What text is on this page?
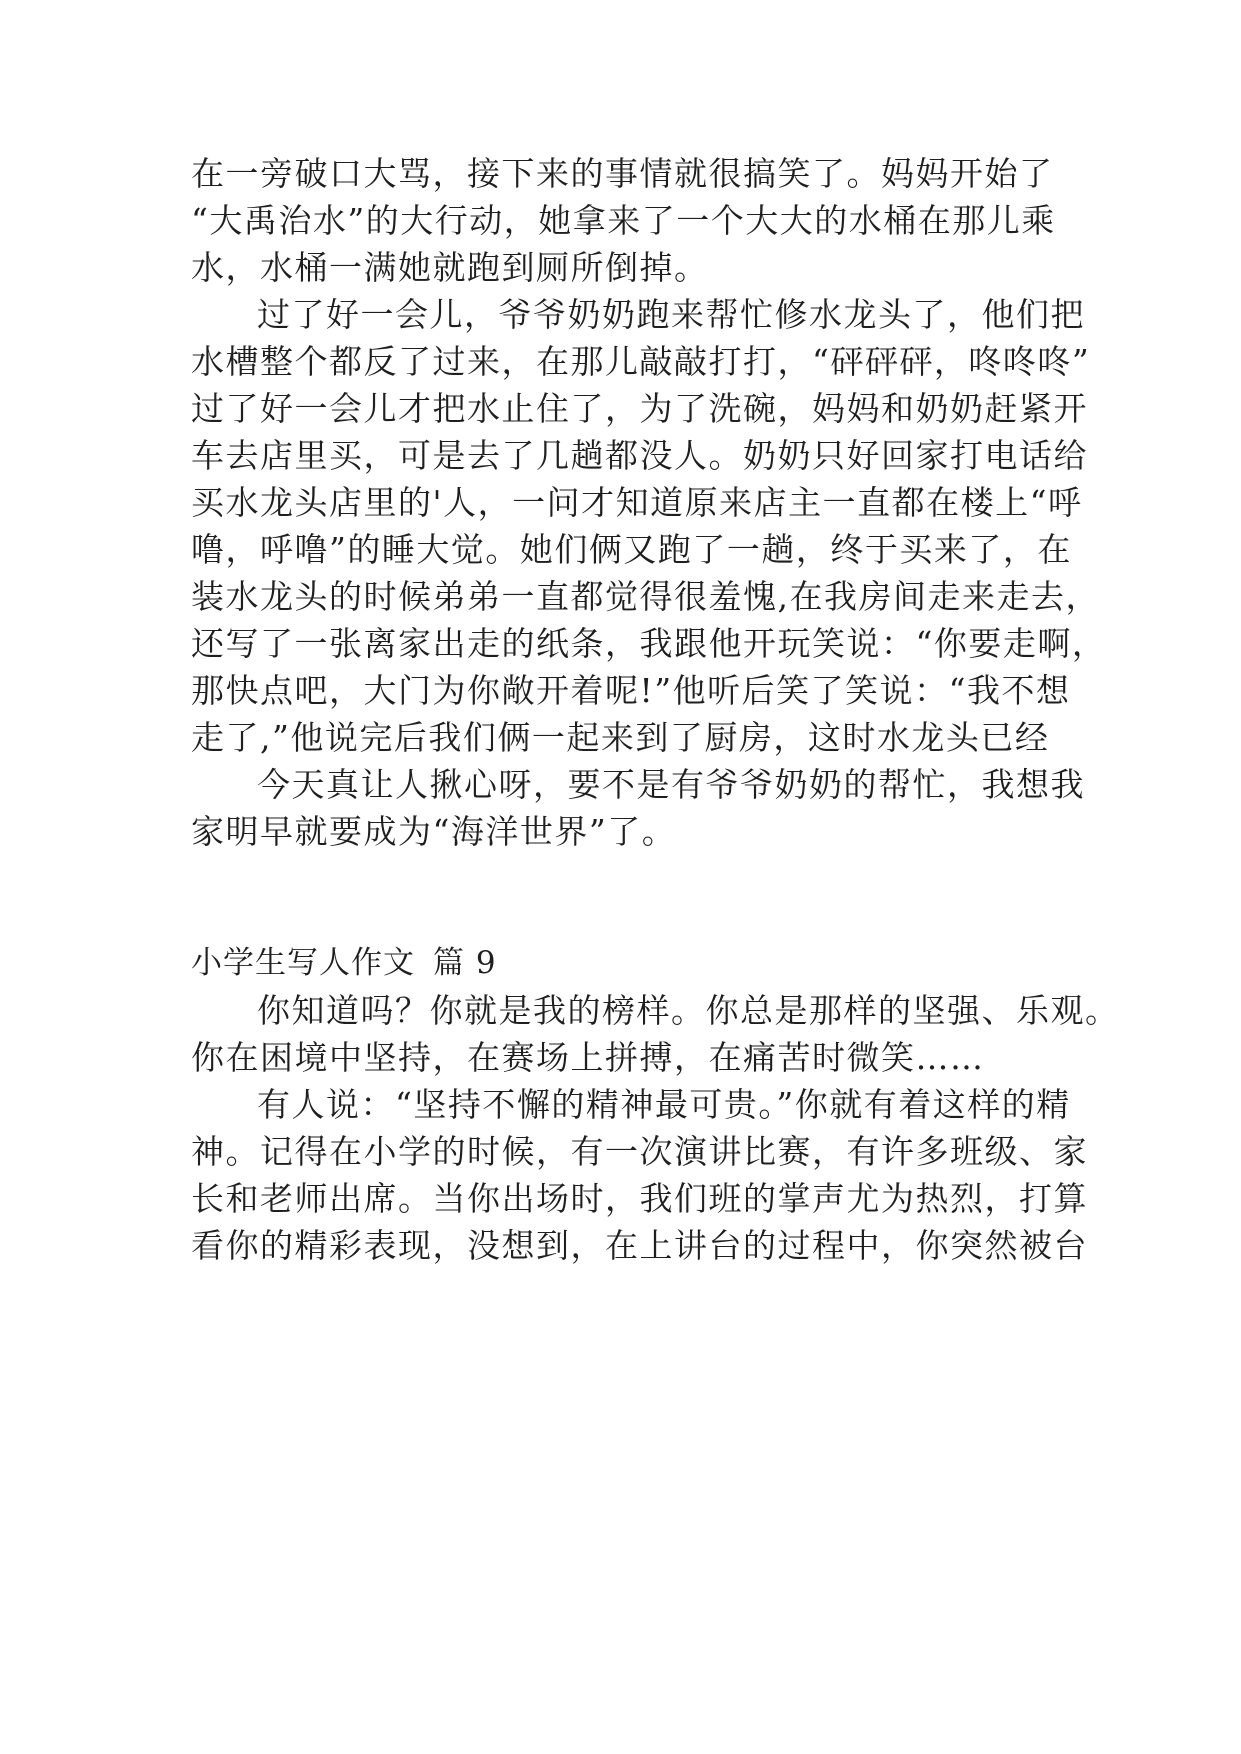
在一旁破口大骂，接下来的事情就很搞笑了。妈妈开始了
“大禹治水”的大行动，她拿来了一个大大的水桶在那儿乘
水，水桶一满她就跑到厕所倒掉。
过了好一会儿，爷爷奶奶跑来帮忙修水龙头了，他们把
水槽整个都反了过来，在那儿敲敲打打，“砰砰砰，咚咚咚”
过了好一会儿才把水止住了，为了洗碗，妈妈和奶奶赶紧开
车去店里买，可是去了几趟都没人。奶奶只好回家打电话给
买水龙头店里的'人，一问才知道原来店主一直都在楼上“呼
噜，呼噜”的睡大觉。她们俩又跑了一趟，终于买来了，在
装水龙头的时候弟弟一直都觉得很羞愧,在我房间走来走去，
还写了一张离家出走的纸条，我跟他开玩笑说：“你要走啊，
那快点吧，大门为你敞开着呢!”他听后笑了笑说：“我不想
走了,”他说完后我们俩一起来到了厨房，这时水龙头已经
今天真让人揪心呀，要不是有爷爷奶奶的帮忙，我想我
家明早就要成为“海洋世界”了。
小学生写人作文 篇 9
你知道吗？你就是我的榜样。你总是那样的坚强、乐观。
你在困境中坚持，在赛场上拼搏，在痛苦时微笑……
有人说：“坚持不懈的精神最可贵。”你就有着这样的精
神。记得在小学的时候，有一次演讲比赛，有许多班级、家
长和老师出席。当你出场时，我们班的掌声尤为热烈，打算
看你的精彩表现，没想到，在上讲台的过程中，你突然被台
